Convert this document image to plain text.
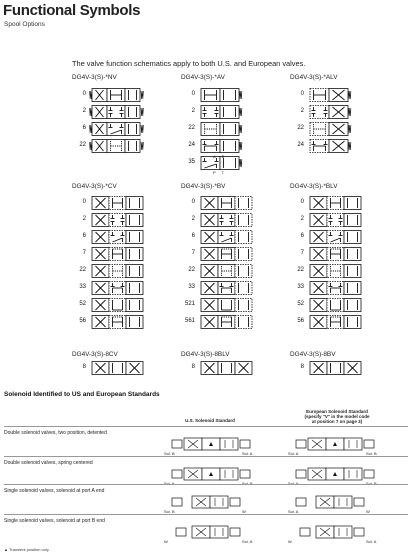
Functional Symbols
Spool Options
The valve function schematics apply to both U.S. and European valves.
DG4V-3(S)-*NV
0
2
6
22
DG4V-3(S)-*AV
0
2
22
24
35
DG4V-3(S)-*ALV
0
2
22
24
DG4V-3(S)-*CV
0
2
6
7
22
33
52
56
DG4V-3(S)-*BV
0
2
6
7
22
33
521
561
DG4V-3(S)-*BLV
0
2
6
7
22
33
52
56
DG4V-3(S)-8CV
8
DG4V-3(S)-8BLV
8
DG4V-3(S)-8BV
8
A B
P T
Solenoid Identified to US and European Standards
U.S. Solenoid Standard
European Solenoid Standard
(specify "V" in the model code
at position 7 on page 3)
Double solenoid valves, two position, detented
Sol. B	Sol. A	Sol. A	Sol. B
Double solenoid valves, spring centered
Sol. A	Sol. B	Sol. A	Sol. B
Single solenoid valves, solenoid at port A end
Sol. B	W	Sol. A	W
Single solenoid valves, solenoid at port B end
W	Sol. A	W	Sol. A
▲ Transient position only
